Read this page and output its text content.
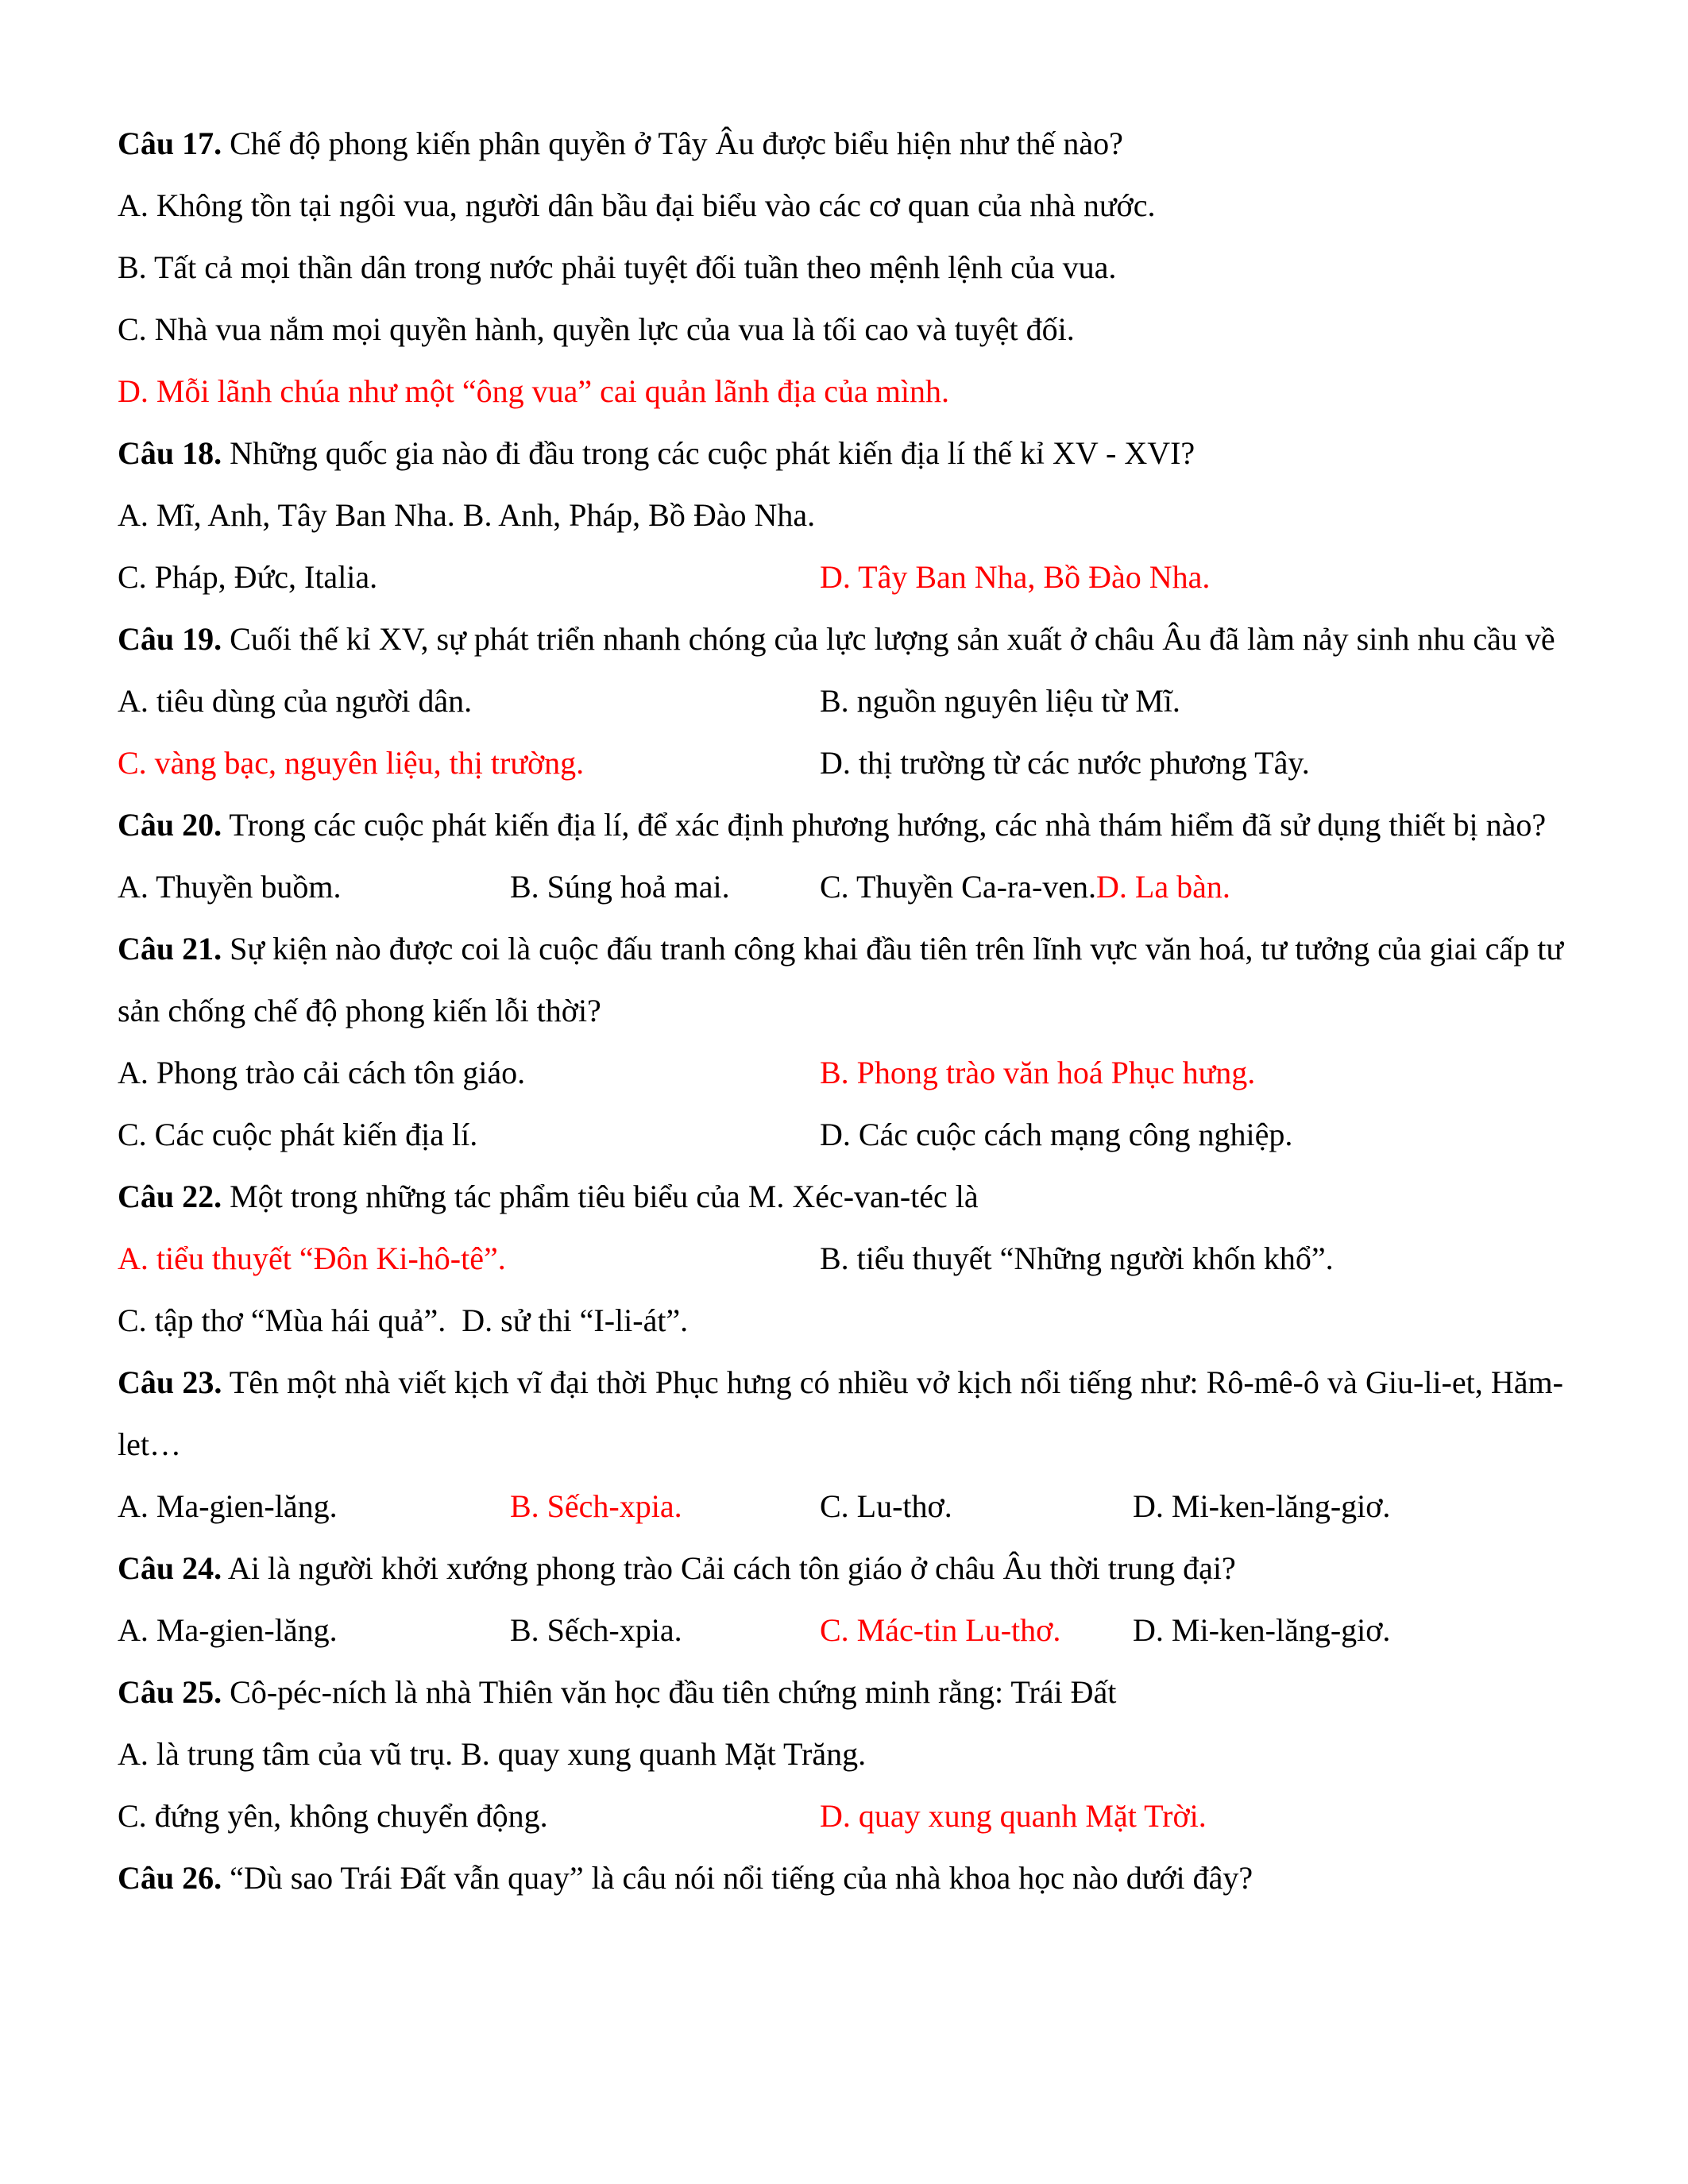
Câu 17. Chế độ phong kiến phân quyền ở Tây Âu được biểu hiện như thế nào?
A. Không tồn tại ngôi vua, người dân bầu đại biểu vào các cơ quan của nhà nước.
B. Tất cả mọi thần dân trong nước phải tuyệt đối tuần theo mệnh lệnh của vua.
C. Nhà vua nắm mọi quyền hành, quyền lực của vua là tối cao và tuyệt đối.
D. Mỗi lãnh chúa như một “ông vua” cai quản lãnh địa của mình.
Câu 18. Những quốc gia nào đi đầu trong các cuộc phát kiến địa lí thế kỉ XV - XVI?
A. Mĩ, Anh, Tây Ban Nha. B. Anh, Pháp, Bồ Đào Nha.
C. Pháp, Đức, Italia.	D. Tây Ban Nha, Bồ Đào Nha.
Câu 19. Cuối thế kỉ XV, sự phát triển nhanh chóng của lực lượng sản xuất ở châu Âu đã làm nảy sinh nhu cầu về
A. tiêu dùng của người dân.	B. nguồn nguyên liệu từ Mĩ.
C. vàng bạc, nguyên liệu, thị trường.	D. thị trường từ các nước phương Tây.
Câu 20. Trong các cuộc phát kiến địa lí, để xác định phương hướng, các nhà thám hiểm đã sử dụng thiết bị nào?
A. Thuyền buồm.	B. Súng hoả mai.	C. Thuyền Ca-ra-ven.D. La bàn.
Câu 21. Sự kiện nào được coi là cuộc đấu tranh công khai đầu tiên trên lĩnh vực văn hoá, tư tưởng của giai cấp tư sản chống chế độ phong kiến lỗi thời?
A. Phong trào cải cách tôn giáo.	B. Phong trào văn hoá Phục hưng.
C. Các cuộc phát kiến địa lí.	D. Các cuộc cách mạng công nghiệp.
Câu 22. Một trong những tác phẩm tiêu biểu của M. Xéc-van-téc là
A. tiểu thuyết “Đôn Ki-hô-tê”.	B. tiểu thuyết “Những người khốn khổ”.
C. tập thơ “Mùa hái quả”.  D. sử thi “I-li-át”.
Câu 23. Tên một nhà viết kịch vĩ đại thời Phục hưng có nhiều vở kịch nổi tiếng như: Rô-mê-ô và Giu-li-et, Hăm-let…
A. Ma-gien-lăng.	B. Sếch-xpia.	C. Lu-thơ.	D. Mi-ken-lăng-giơ.
Câu 24. Ai là người khởi xướng phong trào Cải cách tôn giáo ở châu Âu thời trung đại?
A. Ma-gien-lăng.	B. Sếch-xpia.	C. Mác-tin Lu-thơ. D. Mi-ken-lăng-giơ.
Câu 25. Cô-péc-ních là nhà Thiên văn học đầu tiên chứng minh rằng: Trái Đất
A. là trung tâm của vũ trụ. B. quay xung quanh Mặt Trăng.
C. đứng yên, không chuyển động.	D. quay xung quanh Mặt Trời.
Câu 26. “Dù sao Trái Đất vẫn quay” là câu nói nổi tiếng của nhà khoa học nào dưới đây?
